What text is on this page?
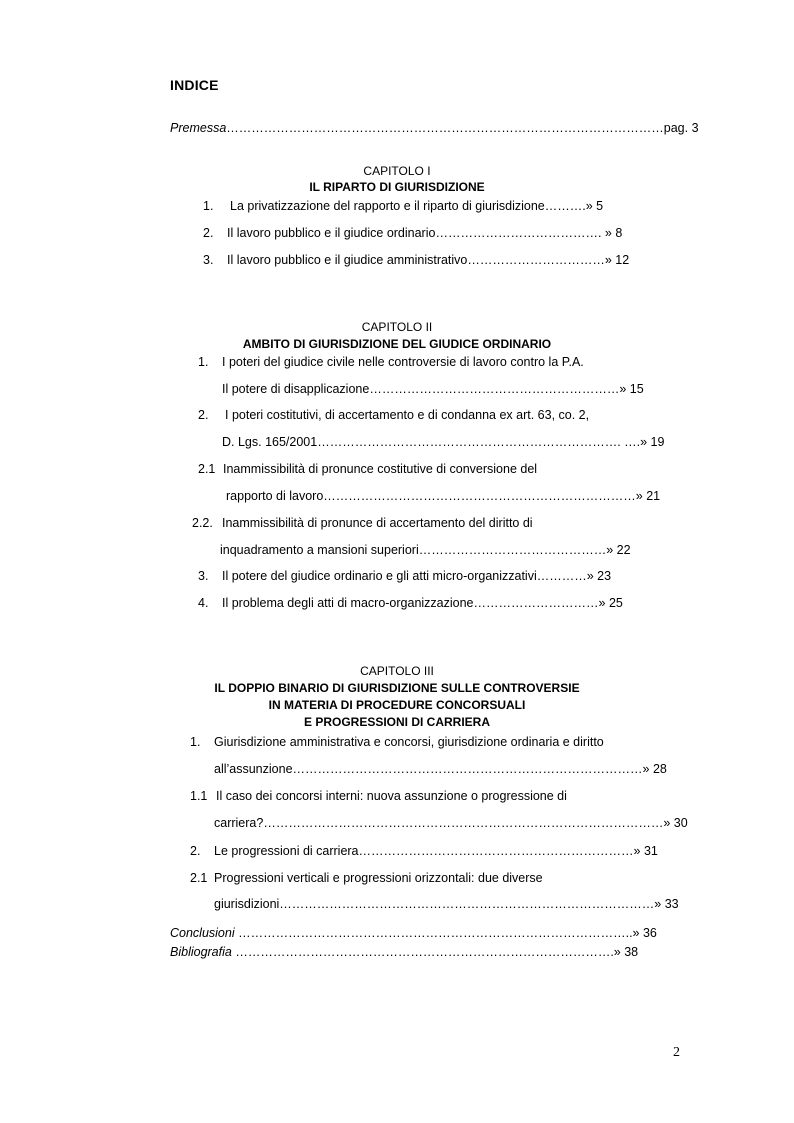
INDICE
Premessa……………………………………………………………………………………………pag. 3
CAPITOLO I
IL RIPARTO DI GIURISDIZIONE
1. La privatizzazione del rapporto e il riparto di giurisdizione……….» 5
2. Il lavoro pubblico e il giudice ordinario…………………………………. » 8
3. Il lavoro pubblico e il giudice amministrativo……………………………» 12
CAPITOLO II
AMBITO DI GIURISDIZIONE DEL GIUDICE ORDINARIO
1. I poteri del giudice civile nelle controversie di lavoro contro la P.A.
Il potere di disapplicazione……………………………………………………» 15
2. I poteri costitutivi, di accertamento e di condanna ex art. 63, co. 2,
D. Lgs. 165/2001………………………………………………………………. ….» 19
2.1 Inammissibilità di pronunce costitutive di conversione del
rapporto di lavoro…………………………………………………………………» 21
2.2. Inammissibilità di pronunce di accertamento del diritto di
inquadramento a mansioni superiori………………………………………» 22
3. Il potere del giudice ordinario e gli atti micro-organizzativi…………» 23
4. Il problema degli atti di macro-organizzazione…………………………» 25
CAPITOLO III
IL DOPPIO BINARIO DI GIURISDIZIONE SULLE CONTROVERSIE
IN MATERIA DI PROCEDURE CONCORSUALI
E PROGRESSIONI DI CARRIERA
1. Giurisdizione amministrativa e concorsi, giurisdizione ordinaria e diritto
all’assunzione…………………………………………………………………………» 28
1.1 Il caso dei concorsi interni: nuova assunzione o progressione di
carriera?……………………………………………………………………………………» 30
2. Le progressioni di carriera…………………………………………………………» 31
2.1 Progressioni verticali e progressioni orizzontali: due diverse
giurisdizioni………………………………………………………………………………» 33
Conclusioni …………………………………………………………………………………..» 36
Bibliografia ……………………………………………………………………………….» 38
2
